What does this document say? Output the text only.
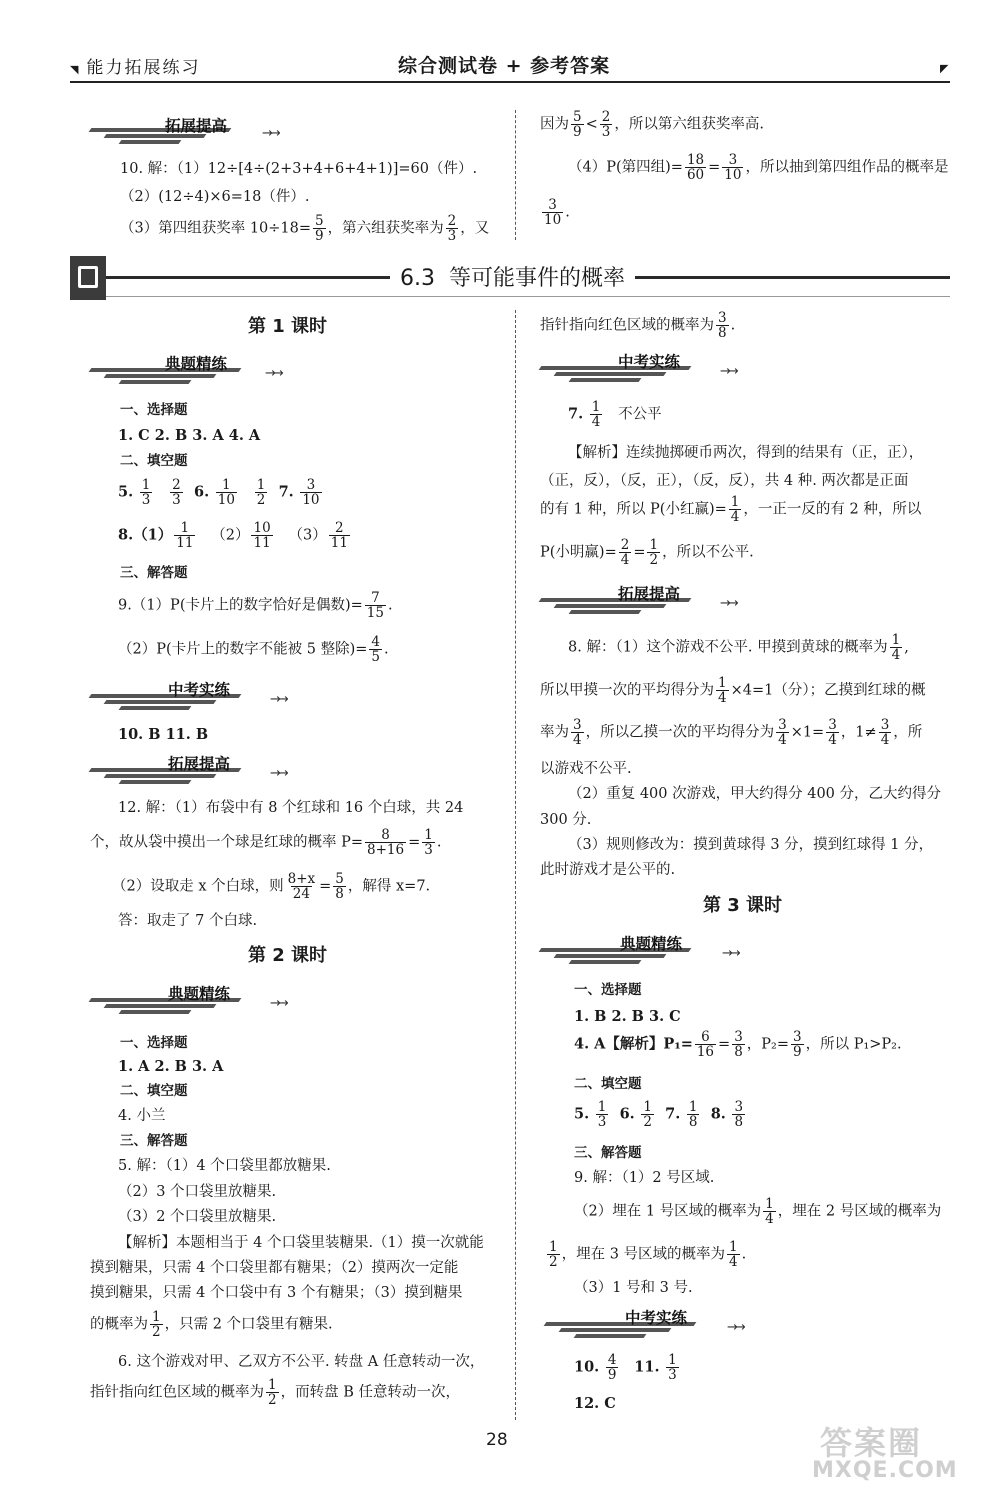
◥ 能力拓展练习	综合测试卷 + 参考答案	◤
拓展提高	→→
10. 解：（1）12÷[4÷(2+3+4+6+4+1)]=60（件）.
（2）(12÷4)×6=18（件）.
（3）第四组获奖率 $10\div 18= \frac{5}{9}$ ，第六组获奖率为 $\frac{2}{3}$ ，又
因为 $\frac{5}{9} < \frac{2}{3}$ ，所以第六组获奖率高.
（4）P(第四组)= $\frac{18}{60} = \frac{3}{10}$ ，所以抽到第四组作品的概率是
$\frac{3}{10}$ .
6.3 等可能事件的概率
第 1 课时
典题精练
→→
一、选择题
1. C 2. B 3. A 4. A
二、填空题
5. $\frac{1}{3}$
$\frac{2}{3} 6$. $\frac{1}{10}$
$\frac{1}{2} 7$. $\frac{3}{10}$
$8.(1) \frac{1}{11} (2) \frac{10}{11} (3) \frac{2}{11}$
三、解答题
9.（1）P(卡片上的数字恰好是偶数)= $\frac{7}{15}$ .
（2）P(卡片上的数字不能被 5 整除)= $\frac{4}{5}$ .
中考实练
→→
10. B 11. B
拓展提高
→→
12. 解：（1）布袋中有 8 个红球和 16 个白球，共 24
个，故从袋中摸出一个球是红球的概率 $P= \frac{8}{8+16} = \frac{1}{3}$ .
（2）设取走 x 个白球，则 $\frac{8+x}{24} = \frac{5}{8}$ ，解得 x=7.
答：取走了 7 个白球.
第 2 课时
典题精练
→→
一、选择题
1. A 2. B 3. A
二、填空题
4. 小兰
三、解答题
5. 解：（1）4 个口袋里都放糖果.
（2）3 个口袋里放糖果.
（3）2 个口袋里放糖果.
【解析】本题相当于 4 个口袋里装糖果.（1）摸一次就能
摸到糖果，只需 4 个口袋里都有糖果；（2）摸两次一定能
摸到糖果，只需 4 个口袋中有 3 个有糖果；（3）摸到糖果
的概率为 $\frac{1}{2}$ ，只需 2 个口袋里有糖果.
6. 这个游戏对甲、乙双方不公平. 转盘 A 任意转动一次，
指针指向红色区域的概率为 $\frac{1}{2}$ ，而转盘 B 任意转动一次，
指针指向红色区域的概率为 $\frac{3}{8}$ .
中考实练
→→
7. $\frac{1}{4}$ 不公平
【解析】连续抛掷硬币两次，得到的结果有（正，正），
（正，反），（反，正），（反，反），共 4 种. 两次都是正面
的有 1 种，所以 P(小红赢)= $\frac{1}{4}$ ，一正一反的有 2 种，所以
P(小明赢)= $\frac{2}{4} = \frac{1}{2}$ ，所以不公平.
拓展提高
→→
8. 解：（1）这个游戏不公平. 甲摸到黄球的概率为 $\frac{1}{4}$ ,
所以甲摸一次的平均得分为 $\frac{1}{4} \times 4=1$（分）；乙摸到红球的概
率为 $\frac{3}{4}$ ，所以乙摸一次的平均得分为 $\frac{3}{4} \times 1= \frac{3}{4}$ ，$1\ne \frac{3}{4}$ ，所
以游戏不公平.
（2）重复 400 次游戏，甲大约得分 400 分，乙大约得分
300 分.
（3）规则修改为：摸到黄球得 3 分，摸到红球得 1 分，
此时游戏才是公平的.
第 3 课时
典题精练
→→
一、选择题
1. B 2. B 3. C
4. A【解析】$P_1= \frac{6}{16} = \frac{3}{8}$ ，$P_2= \frac{3}{9}$ ，所以 P₁>P₂.
二、填空题
5. $\frac{1}{3} 6$. $\frac{1}{2} 7$. $\frac{1}{8} 8$. $\frac{3}{8}$
三、解答题
9. 解：（1）2 号区域.
（2）埋在 1 号区域的概率为 $\frac{1}{4}$ ，埋在 2 号区域的概率为
$\frac{1}{2}$ ，埋在 3 号区域的概率为 $\frac{1}{4}$ .
（3）1 号和 3 号.
中考实练
→→
10. $\frac{4}{9} 11$. $\frac{1}{3}$
12. C
28	答案圈
MXQE.COM
